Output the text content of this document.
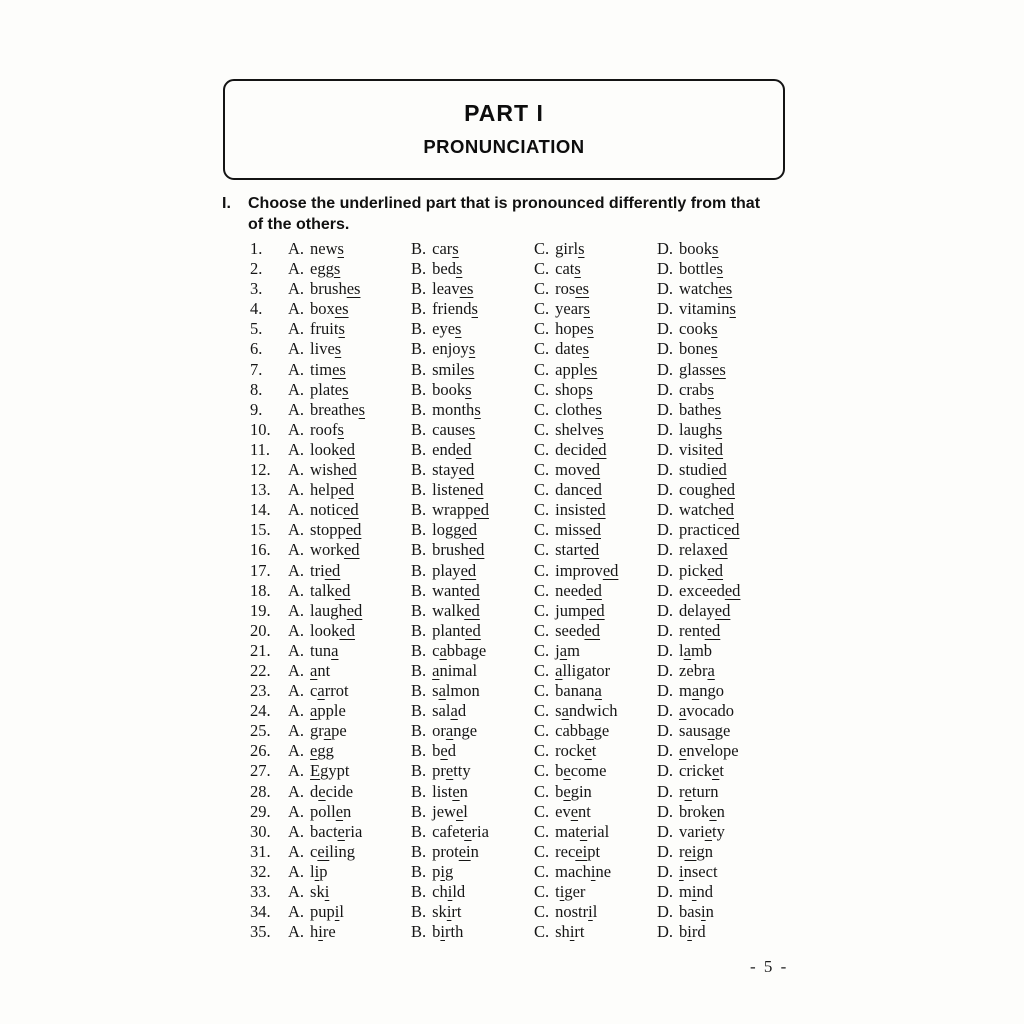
PART I
PRONUNCIATION
I.	Choose the underlined part that is pronounced differently from that
of the others.
1.	A. news	B. cars	C. girls	D. books
2.	A. eggs	B. beds	C. cats	D. bottles
3.	A. brushes	B. leaves	C. roses	D. watches
4.	A. boxes	B. friends	C. years	D. vitamins
5.	A. fruits	B. eyes	C. hopes	D. cooks
6.	A. lives	B. enjoys	C. dates	D. bones
7.	A. times	B. smiles	C. apples	D. glasses
8.	A. plates	B. books	C. shops	D. crabs
9.	A. breathes	B. months	C. clothes	D. bathes
10.	A. roofs	B. causes	C. shelves	D. laughs
11.	A. looked	B. ended	C. decided	D. visited
12.	A. wished	B. stayed	C. moved	D. studied
13.	A. helped	B. listened	C. danced	D. coughed
14.	A. noticed	B. wrapped	C. insisted	D. watched
15.	A. stopped	B. logged	C. missed	D. practiced
16.	A. worked	B. brushed	C. started	D. relaxed
17.	A. tried	B. played	C. improved	D. picked
18.	A. talked	B. wanted	C. needed	D. exceeded
19.	A. laughed	B. walked	C. jumped	D. delayed
20.	A. looked	B. planted	C. seeded	D. rented
21.	A. tuna	B. cabbage	C. jam	D. lamb
22.	A. ant	B. animal	C. alligator	D. zebra
23.	A. carrot	B. salmon	C. banana	D. mango
24.	A. apple	B. salad	C. sandwich	D. avocado
25.	A. grape	B. orange	C. cabbage	D. sausage
26.	A. egg	B. bed	C. rocket	D. envelope
27.	A. Egypt	B. pretty	C. become	D. cricket
28.	A. decide	B. listen	C. begin	D. return
29.	A. pollen	B. jewel	C. event	D. broken
30.	A. bacteria	B. cafeteria	C. material	D. variety
31.	A. ceiling	B. protein	C. receipt	D. reign
32.	A. lip	B. pig	C. machine	D. insect
33.	A. ski	B. child	C. tiger	D. mind
34.	A. pupil	B. skirt	C. nostril	D. basin
35.	A. hire	B. birth	C. shirt	D. bird
- 5 -
